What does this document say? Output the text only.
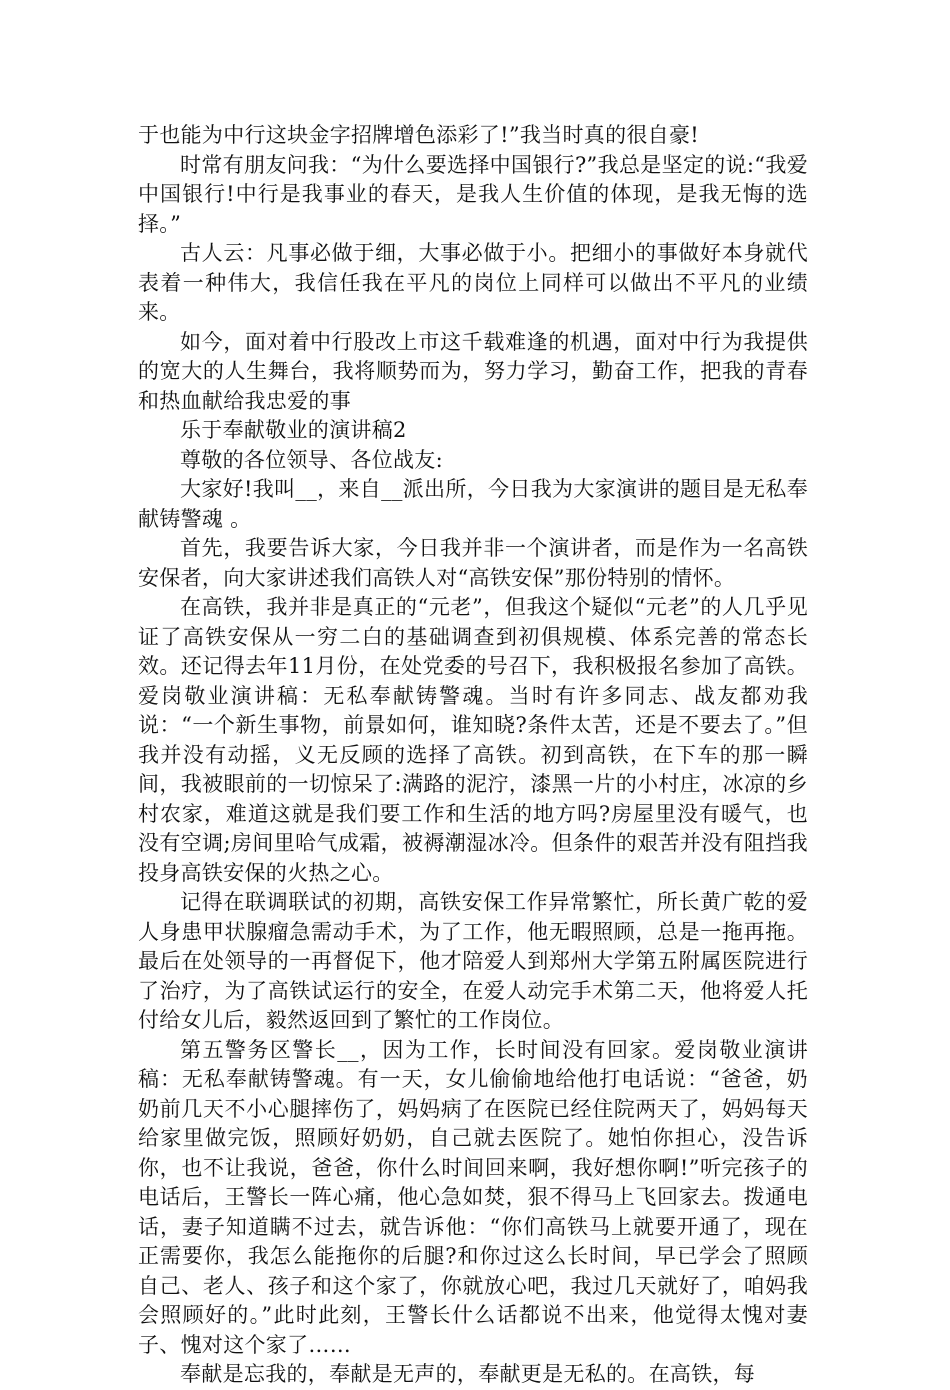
于也能为中行这块金字招牌增色添彩了!”我当时真的很自豪!

时常有朋友问我：“为什么要选择中国银行?”我总是坚定的说:“我爱中国银行!中行是我事业的春天，是我人生价值的体现，是我无悔的选择。”

古人云：凡事必做于细，大事必做于小。把细小的事做好本身就代表着一种伟大，我信任我在平凡的岗位上同样可以做出不平凡的业绩来。

如今，面对着中行股改上市这千载难逢的机遇，面对中行为我提供的宽大的人生舞台，我将顺势而为，努力学习，勤奋工作，把我的青春和热血献给我忠爱的事

乐于奉献敬业的演讲稿2

尊敬的各位领导、各位战友:

大家好!我叫__，来自__派出所，今日我为大家演讲的题目是无私奉献铸警魂 。

首先，我要告诉大家，今日我并非一个演讲者，而是作为一名高铁安保者，向大家讲述我们高铁人对“高铁安保”那份特别的情怀。

在高铁，我并非是真正的“元老”，但我这个疑似“元老”的人几乎见证了高铁安保从一穷二白的基础调查到初俱规模、体系完善的常态长效。还记得去年11月份，在处党委的号召下，我积极报名参加了高铁。爱岗敬业演讲稿：无私奉献铸警魂。当时有许多同志、战友都劝我说：“一个新生事物，前景如何，谁知晓?条件太苦，还是不要去了。”但我并没有动摇，义无反顾的选择了高铁。初到高铁，在下车的那一瞬间，我被眼前的一切惊呆了:满路的泥泞，漆黑一片的小村庄，冰凉的乡村农家，难道这就是我们要工作和生活的地方吗?房屋里没有暖气，也没有空调;房间里哈气成霜，被褥潮湿冰冷。但条件的艰苦并没有阻挡我投身高铁安保的火热之心。

记得在联调联试的初期，高铁安保工作异常繁忙，所长黄广乾的爱人身患甲状腺瘤急需动手术，为了工作，他无暇照顾，总是一拖再拖。最后在处领导的一再督促下，他才陪爱人到郑州大学第五附属医院进行了治疗，为了高铁试运行的安全，在爱人动完手术第二天，他将爱人托付给女儿后，毅然返回到了繁忙的工作岗位。

第五警务区警长__，因为工作，长时间没有回家。爱岗敬业演讲稿：无私奉献铸警魂。有一天，女儿偷偷地给他打电话说：“爸爸，奶奶前几天不小心腿摔伤了，妈妈病了在医院已经住院两天了，妈妈每天给家里做完饭，照顾好奶奶，自己就去医院了。她怕你担心，没告诉你，也不让我说，爸爸，你什么时间回来啊，我好想你啊!”听完孩子的电话后，王警长一阵心痛，他心急如焚，狠不得马上飞回家去。拨通电话，妻子知道瞒不过去，就告诉他：“你们高铁马上就要开通了，现在正需要你，我怎么能拖你的后腿?和你过这么长时间，早已学会了照顾自己、老人、孩子和这个家了，你就放心吧，我过几天就好了，咱妈我会照顾好的。”此时此刻，王警长什么话都说不出来，他觉得太愧对妻子、愧对这个家了……

奉献是忘我的，奉献是无声的，奉献更是无私的。在高铁，每
